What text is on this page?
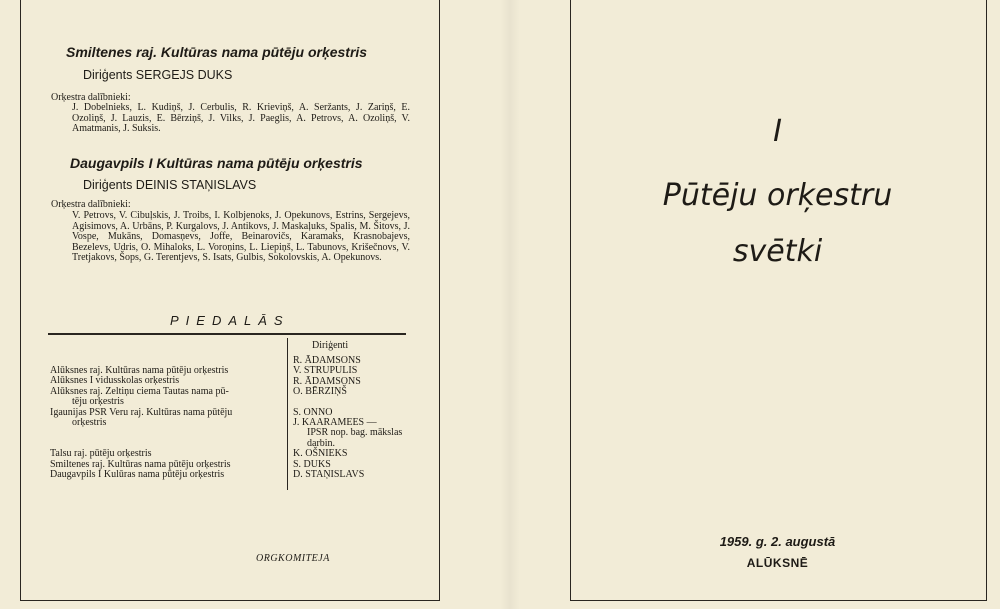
Smiltenes raj. Kultūras nama pūtēju orķestris
Diriģents SERGEJS DUKS
Orķestra dalībnieki:
J. Dobelnieks, L. Kudiņš, J. Cerbulis, R. Krieviņš, A. Seržants, J. Zariņš, E. Ozoliņš, J. Lauzis, E. Bērziņš, J. Vilks, J. Paeglis, A. Petrovs, A. Ozoliņš, V. Amatmanis, J. Suksis.
Daugavpils I Kultūras nama pūtēju orķestris
Diriģents DEINIS STAŅISLAVS
Orķestra dalībnieki:
V. Petrovs, V. Cibuļskis, J. Troibs, I. Kolbjenoks, J. Opekunovs, Estrins, Sergejevs, Agisimovs, A. Urbāns, P. Kurgalovs, J. Antikovs, J. Maskaļuks, Spalis, M. Šitovs, J. Vospe, Mukāns, Domasņevs, Joffe, Beinarovičs, Karamaks, Krasnobajevs, Bezelevs, Udris, O. Mihaloks, L. Voroņins, L. Liepiņš, L. Tabunovs, Krišečnovs, V. Tretjakovs, Šops, G. Terentjevs, S. Isats, Gulbis, Sokolovskis, A. Opekunovs.
PIEDALĀS
Diriģenti
Alūksnes raj. Kultūras nama pūtēju orķestris
Alūksnes I vidusskolas orķestris
Alūksnes raj. Zeltiņu ciema Tautas nama pū-
tēju orķestris
Igaunijas PSR Veru raj. Kultūras nama pūtēju
orķestris
Talsu raj. pūtēju orķestris
Smiltenes raj. Kultūras nama pūtēju orķestris
Daugavpils I Kulūras nama pūtēju orķestris
R. ĀDAMSONS
V. STRUPULIS
R. ĀDAMSONS
O. BĒRZIŅŠ
S. ONNO
J. KAARAMEES —
IPSR nop. bag. mākslas
darbin.
K. OŠNIEKS
S. DUKS
D. STAŅISLAVS
ORGKOMITEJA
I
Pūtēju orķestru
svētki
1959. g. 2. augustā
ALŪKSNĒ
